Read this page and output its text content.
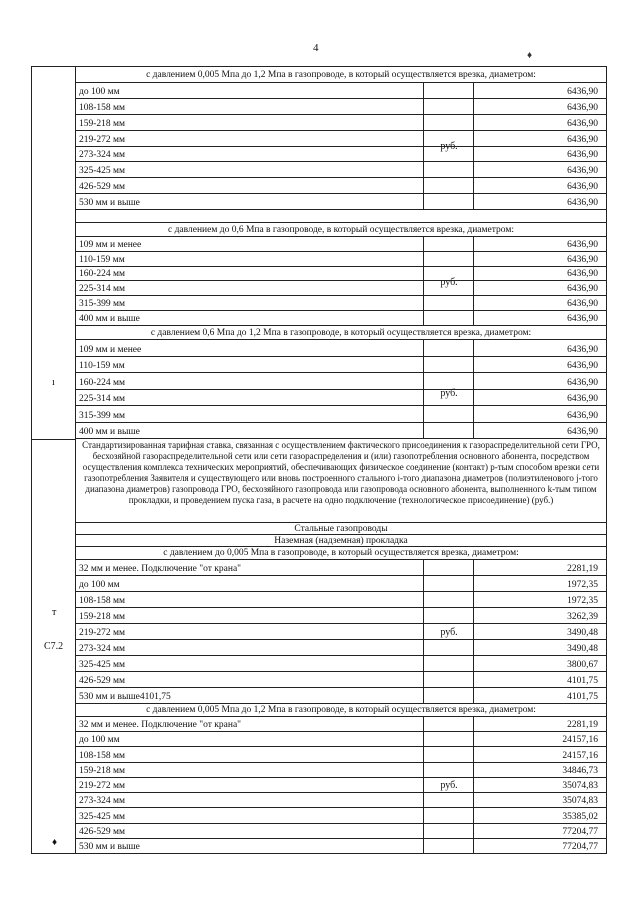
4
♦
ı
т
С7.2
♦
с давлением 0,005 Мпа до 1,2 Мпа в газопроводе, в который осуществляется врезка, диаметром:
руб.
до 100 мм	6436,90
108-158 мм	6436,90
159-218 мм	6436,90
219-272 мм	6436,90
273-324 мм	6436,90
325-425 мм	6436,90
426-529 мм	6436,90
530 мм и выше	6436,90
с давлением до 0,6 Мпа в газопроводе, в который осуществляется врезка, диаметром:
руб.
109 мм и менее	6436,90
110-159 мм	6436,90
160-224 мм	6436,90
225-314 мм	6436,90
315-399 мм	6436,90
400 мм и выше	6436,90
с давлением 0,6 Мпа до 1,2 Мпа в газопроводе, в который осуществляется врезка, диаметром:
руб.
109 мм и менее	6436,90
110-159 мм	6436,90
160-224 мм	6436,90
225-314 мм	6436,90
315-399 мм	6436,90
400 мм и выше	6436,90
Стандартизированная тарифная ставка, связанная с осуществлением фактического присоединения к газораспределительной сети ГРО, бесхозяйной газораспределительной сети или сети газораспределения и (или) газопотребления основного абонента, посредством осуществления комплекса технических мероприятий, обеспечивающих физическое соединение (контакт) р-тым способом врезки сети газопотребления Заявителя и существующего или вновь построенного стального i-того диапазона диаметров (полиэтиленового j-того диапазона диаметров) газопровода ГРО, бесхозяйного газопровода или газопровода основного абонента, выполненного k-тым типом прокладки, и проведением пуска газа, в расчете на одно подключение (технологическое присоединение) (руб.)
Стальные газопроводы
Наземная (надземная) прокладка
с давлением до 0,005 Мпа в газопроводе, в который осуществляется врезка, диаметром:
руб.
32 мм и менее. Подключение "от крана"	2281,19
до 100 мм	1972,35
108-158 мм	1972,35
159-218 мм	3262,39
219-272 мм	3490,48
273-324 мм	3490,48
325-425 мм	3800,67
426-529 мм	4101,75
530 мм и выше4101,75	4101,75
с давлением 0,005 Мпа до 1,2 Мпа в газопроводе, в который осуществляется врезка, диаметром:
руб.
32 мм и менее. Подключение "от крана"	2281,19
до 100 мм	24157,16
108-158 мм	24157,16
159-218 мм	34846,73
219-272 мм	35074,83
273-324 мм	35074,83
325-425 мм	35385,02
426-529 мм	77204,77
530 мм и выше	77204,77
